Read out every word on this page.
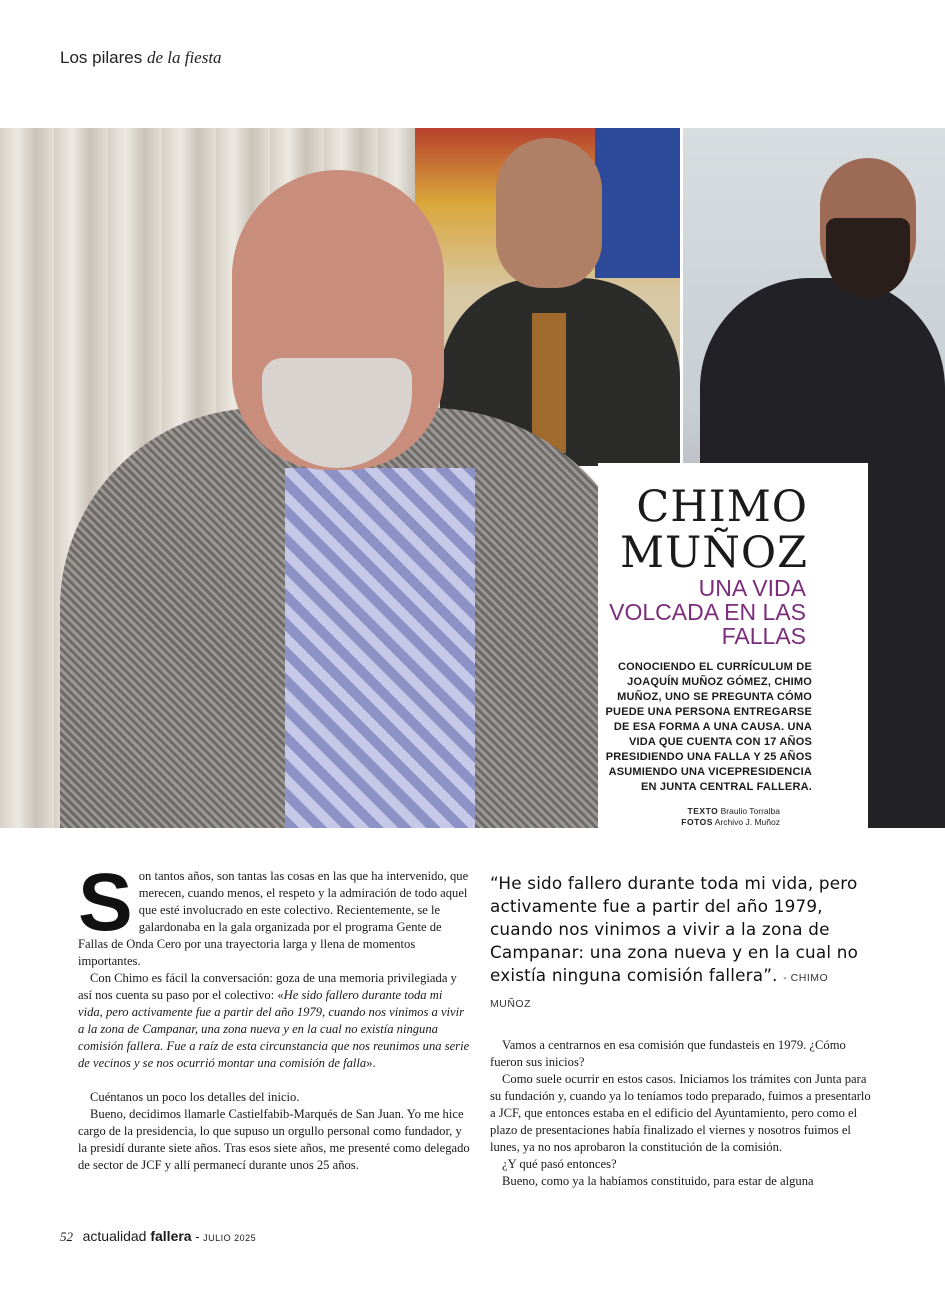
Los pilares de la fiesta
CHIMO
MUÑOZ
UNA VIDA VOLCADA EN LAS FALLAS
CONOCIENDO EL CURRÍCULUM DE JOAQUÍN MUÑOZ GÓMEZ, CHIMO MUÑOZ, UNO SE PREGUNTA CÓMO PUEDE UNA PERSONA ENTREGARSE DE ESA FORMA A UNA CAUSA. UNA VIDA QUE CUENTA CON 17 AÑOS PRESIDIENDO UNA FALLA Y 25 AÑOS ASUMIENDO UNA VICEPRESIDENCIA EN JUNTA CENTRAL FALLERA.
TEXTO Braulio Torralba
FOTOS Archivo J. Muñoz
S on tantos años, son tantas las cosas en las que ha intervenido, que merecen, cuando menos, el respeto y la admiración de todo aquel que esté involucrado en este colectivo. Recientemente, se le galardonaba en la gala organizada por el programa Gente de Fallas de Onda Cero por una trayectoria larga y llena de momentos importantes.

Con Chimo es fácil la conversación: goza de una memoria privilegiada y así nos cuenta su paso por el colectivo: «He sido fallero durante toda mi vida, pero activamente fue a partir del año 1979, cuando nos vinimos a vivir a la zona de Campanar, una zona nueva y en la cual no existía ninguna comisión fallera. Fue a raíz de esta circunstancia que nos reunimos una serie de vecinos y se nos ocurrió montar una comisión de falla».

Cuéntanos un poco los detalles del inicio.

Bueno, decidimos llamarle Castielfabib-Marqués de San Juan. Yo me hice cargo de la presidencia, lo que supuso un orgullo personal como fundador, y la presidí durante siete años. Tras esos siete años, me presenté como delegado de sector de JCF y allí permanecí durante unos 25 años.

“He sido fallero durante toda mi vida, pero activamente fue a partir del año 1979, cuando nos vinimos a vivir a la zona de Campanar: una zona nueva y en la cual no existía ninguna comisión fallera”. - CHIMO MUÑOZ

Vamos a centrarnos en esa comisión que fundasteis en 1979. ¿Cómo fueron sus inicios?

Como suele ocurrir en estos casos. Iniciamos los trámites con Junta para su fundación y, cuando ya lo teníamos todo preparado, fuimos a presentarlo a JCF, que entonces estaba en el edificio del Ayuntamiento, pero como el plazo de presentaciones había finalizado el viernes y nosotros fuimos el lunes, ya no nos aprobaron la constitución de la comisión.

¿Y qué pasó entonces?

Bueno, como ya la habíamos constituido, para estar de alguna

52 actualidad fallera - JULIO 2025
